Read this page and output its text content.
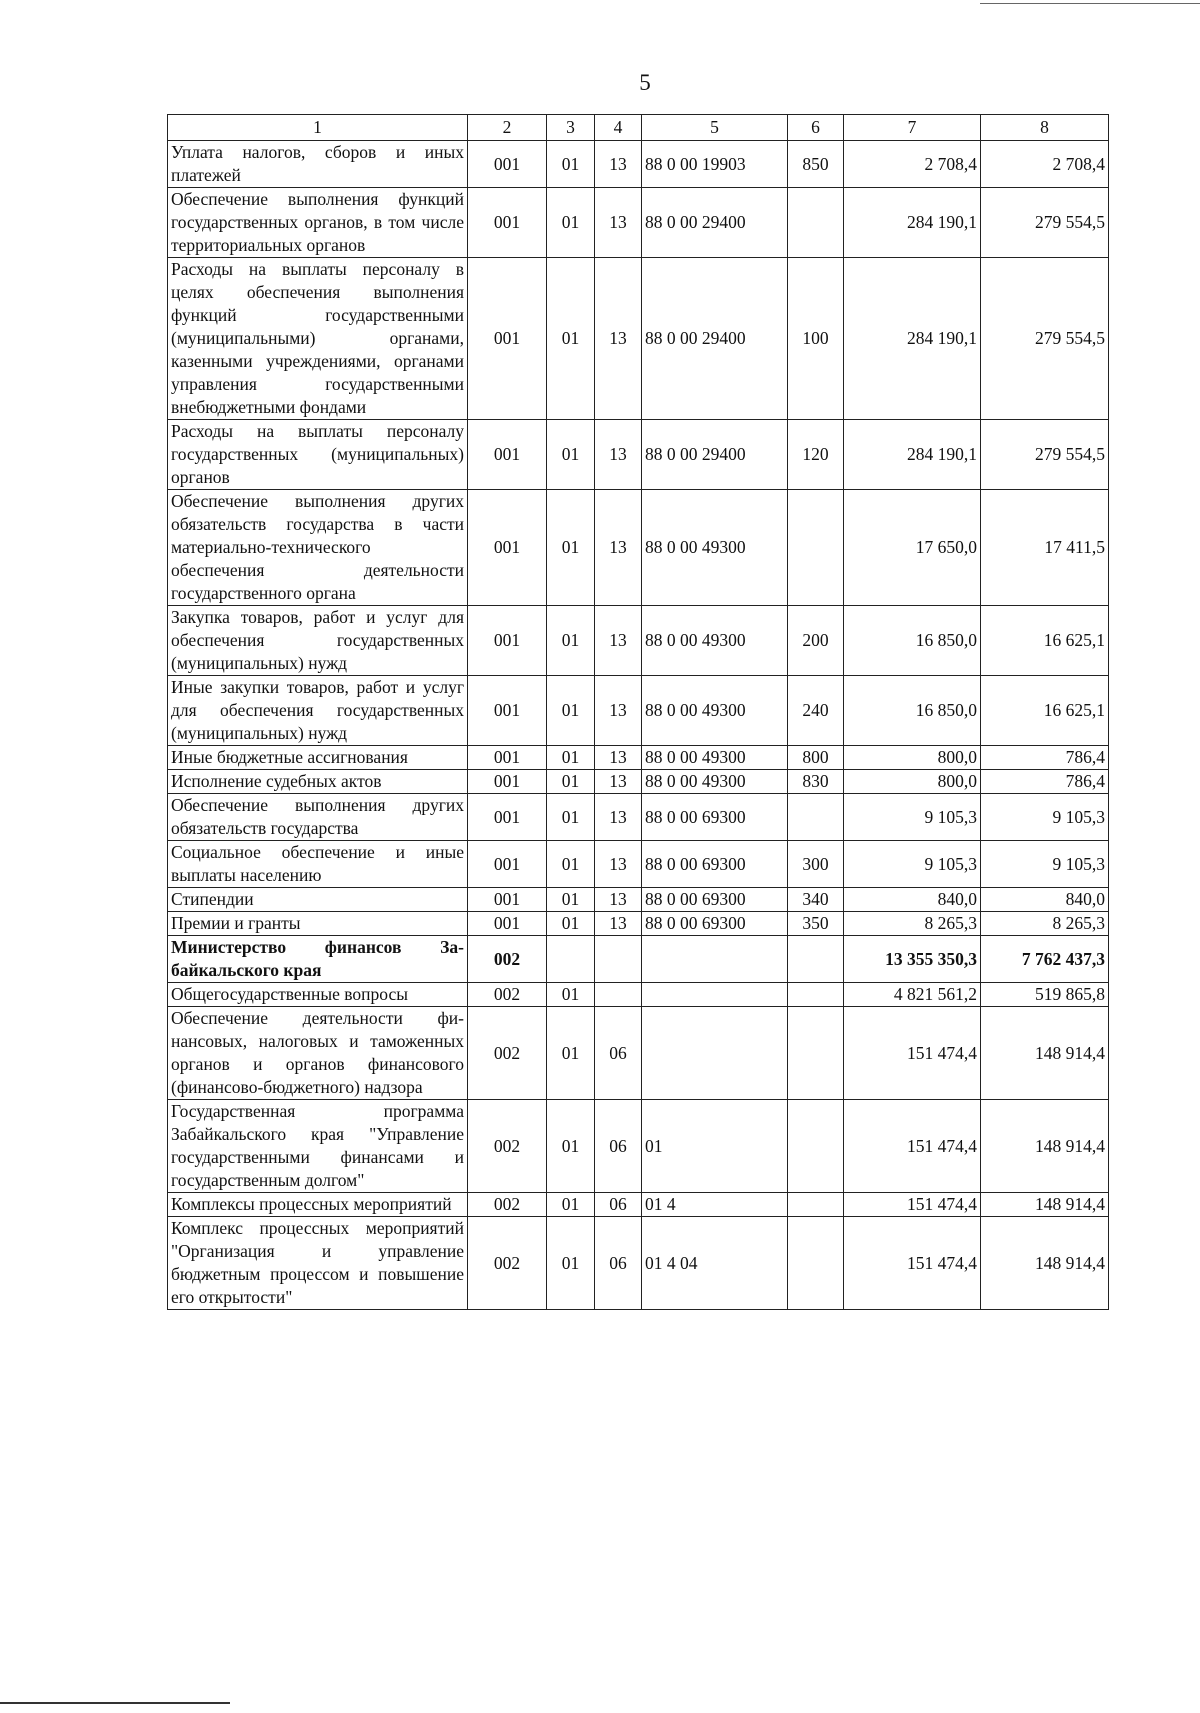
5
1	2	3	4	5	6	7	8
Уплата налогов, сборов и иных платежей	001	01	13	88 0 00 19903	850	2 708,4	2 708,4
Обеспечение выполнения функций государственных органов, в том числе территориальных органов	001	01	13	88 0 00 29400		284 190,1	279 554,5
Расходы на выплаты персоналу в целях обеспечения выполнения функций государственными (муниципальными) органами, казенными учреждениями, органами управления государственными внебюджетными фондами	001	01	13	88 0 00 29400	100	284 190,1	279 554,5
Расходы на выплаты персоналу государственных (муниципальных) органов	001	01	13	88 0 00 29400	120	284 190,1	279 554,5
Обеспечение выполнения других обязательств государства в части материально-технического обеспечения деятельности государственного органа	001	01	13	88 0 00 49300		17 650,0	17 411,5
Закупка товаров, работ и услуг для обеспечения государственных (муниципальных) нужд	001	01	13	88 0 00 49300	200	16 850,0	16 625,1
Иные закупки товаров, работ и услуг для обеспечения государственных (муниципальных) нужд	001	01	13	88 0 00 49300	240	16 850,0	16 625,1
Иные бюджетные ассигнования	001	01	13	88 0 00 49300	800	800,0	786,4
Исполнение судебных актов	001	01	13	88 0 00 49300	830	800,0	786,4
Обеспечение выполнения других обязательств государства	001	01	13	88 0 00 69300		9 105,3	9 105,3
Социальное обеспечение и иные выплаты населению	001	01	13	88 0 00 69300	300	9 105,3	9 105,3
Стипендии	001	01	13	88 0 00 69300	340	840,0	840,0
Премии и гранты	001	01	13	88 0 00 69300	350	8 265,3	8 265,3
Министерство финансов Забайкальского края	002					13 355 350,3	7 762 437,3
Общегосударственные вопросы	002	01				4 821 561,2	519 865,8
Обеспечение деятельности финансовых, налоговых и таможенных органов и органов финансового (финансово-бюджетного) надзора	002	01	06			151 474,4	148 914,4
Государственная программа Забайкальского края "Управление государственными финансами и государственным долгом"	002	01	06	01		151 474,4	148 914,4
Комплексы процессных мероприятий	002	01	06	01 4		151 474,4	148 914,4
Комплекс процессных мероприятий "Организация и управление бюджетным процессом и повышение его открытости"	002	01	06	01 4 04		151 474,4	148 914,4
